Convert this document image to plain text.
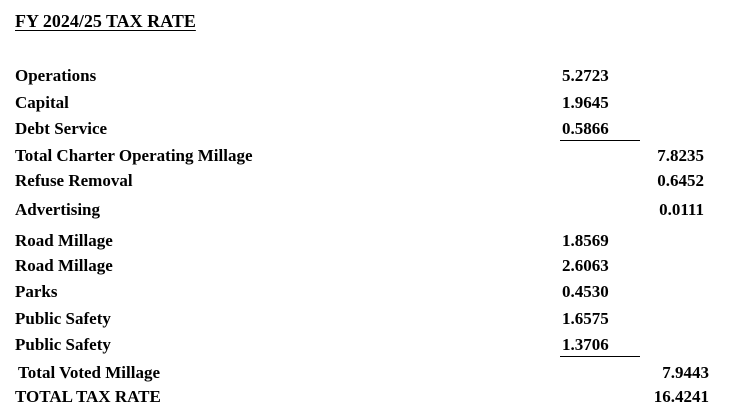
FY 2024/25 TAX RATE
Operations	5.2723
Capital	1.9645
Debt Service	0.5866
Total Charter Operating Millage	7.8235
Refuse Removal	0.6452
Advertising	0.0111
Road Millage	1.8569
Road Millage	2.6063
Parks	0.4530
Public Safety	1.6575
Public Safety	1.3706
Total Voted Millage	7.9443
TOTAL TAX RATE	16.4241
